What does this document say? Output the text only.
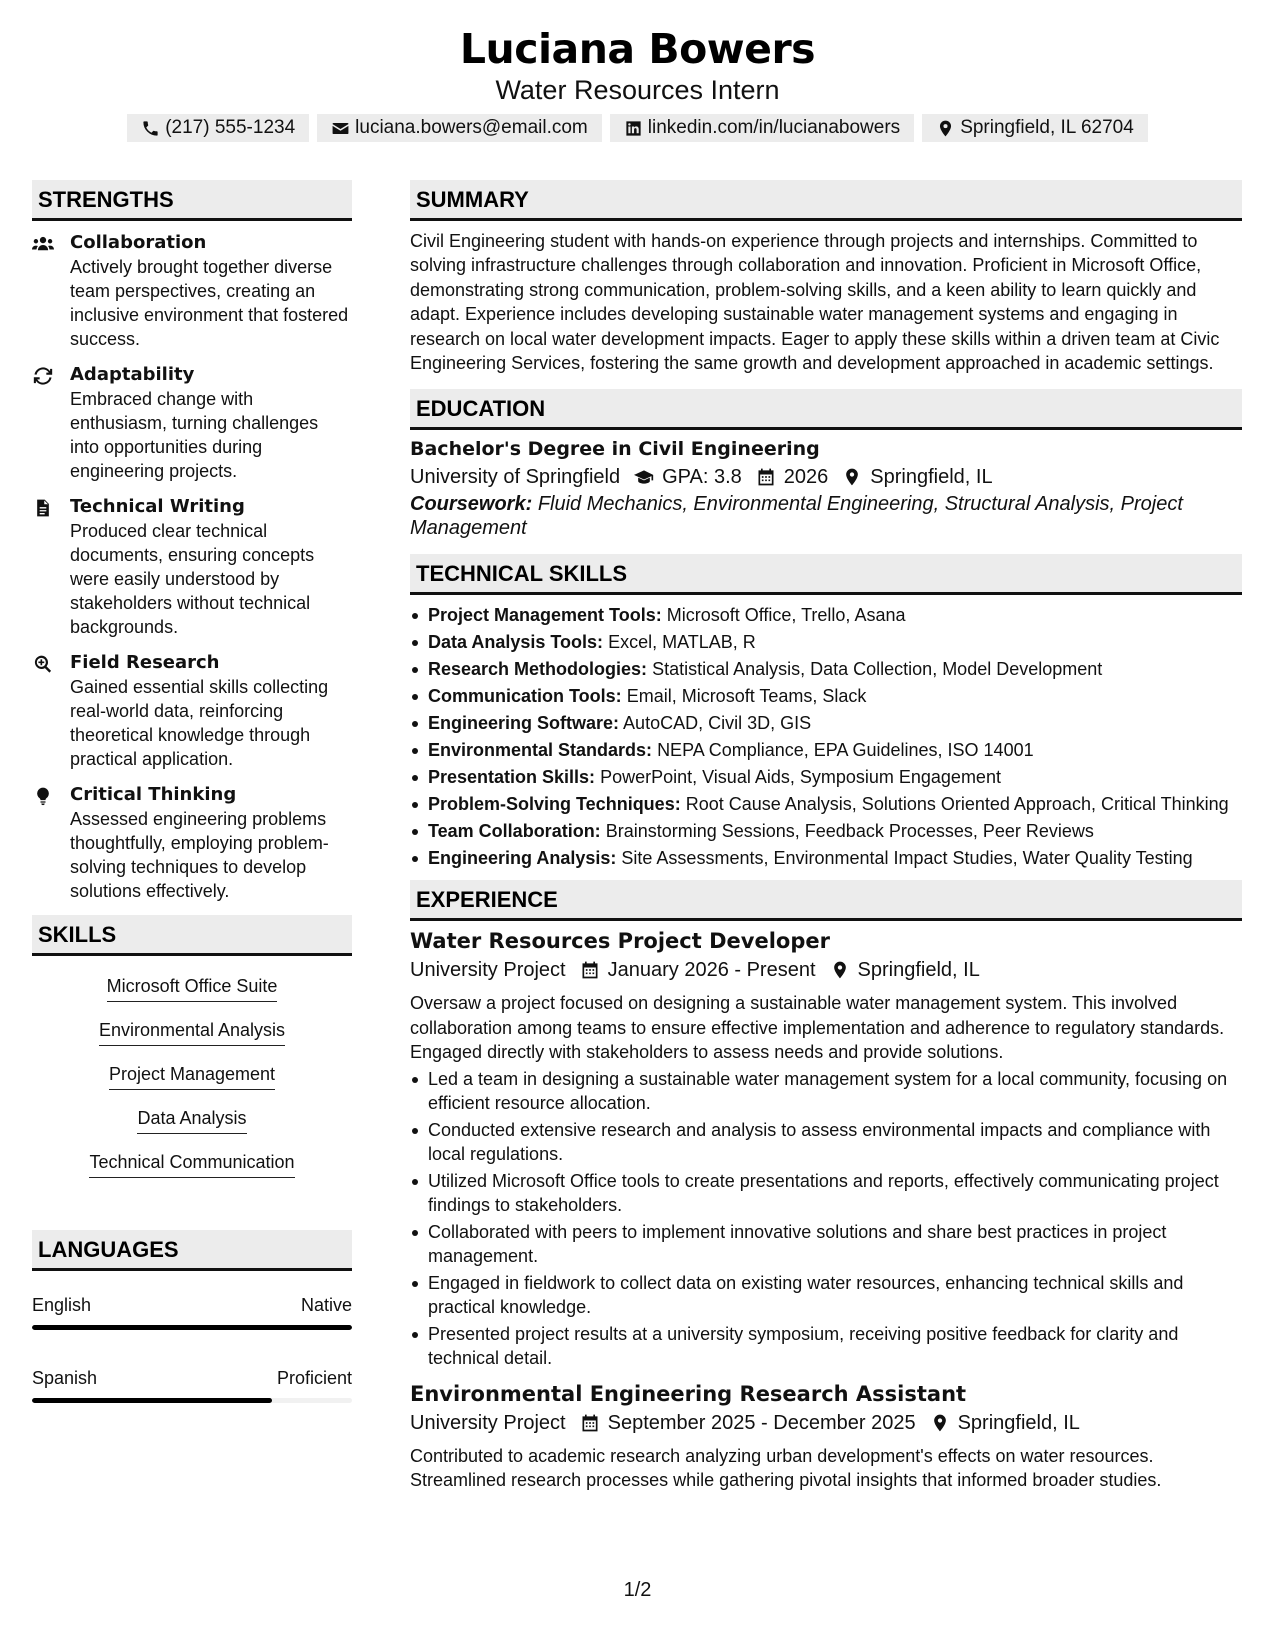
Luciana Bowers
Water Resources Intern
(217) 555-1234	luciana.bowers@email.com	linkedin.com/in/lucianabowers	Springfield, IL 62704
STRENGTHS
Collaboration
Actively brought together diverse team perspectives, creating an inclusive environment that fostered success.
Adaptability
Embraced change with enthusiasm, turning challenges into opportunities during engineering projects.
Technical Writing
Produced clear technical documents, ensuring concepts were easily understood by stakeholders without technical backgrounds.
Field Research
Gained essential skills collecting real-world data, reinforcing theoretical knowledge through practical application.
Critical Thinking
Assessed engineering problems thoughtfully, employing problem-solving techniques to develop solutions effectively.
SKILLS
Microsoft Office Suite
Environmental Analysis
Project Management
Data Analysis
Technical Communication
LANGUAGES
English	Native
Spanish	Proficient
SUMMARY
Civil Engineering student with hands-on experience through projects and internships. Committed to solving infrastructure challenges through collaboration and innovation. Proficient in Microsoft Office, demonstrating strong communication, problem-solving skills, and a keen ability to learn quickly and adapt. Experience includes developing sustainable water management systems and engaging in research on local water development impacts. Eager to apply these skills within a driven team at Civic Engineering Services, fostering the same growth and development approached in academic settings.
EDUCATION
Bachelor's Degree in Civil Engineering
University of Springfield GPA: 3.8 2026 Springfield, IL
Coursework: Fluid Mechanics, Environmental Engineering, Structural Analysis, Project Management
TECHNICAL SKILLS
Project Management Tools: Microsoft Office, Trello, Asana
Data Analysis Tools: Excel, MATLAB, R
Research Methodologies: Statistical Analysis, Data Collection, Model Development
Communication Tools: Email, Microsoft Teams, Slack
Engineering Software: AutoCAD, Civil 3D, GIS
Environmental Standards: NEPA Compliance, EPA Guidelines, ISO 14001
Presentation Skills: PowerPoint, Visual Aids, Symposium Engagement
Problem-Solving Techniques: Root Cause Analysis, Solutions Oriented Approach, Critical Thinking
Team Collaboration: Brainstorming Sessions, Feedback Processes, Peer Reviews
Engineering Analysis: Site Assessments, Environmental Impact Studies, Water Quality Testing
EXPERIENCE
Water Resources Project Developer
University Project January 2026 - Present Springfield, IL
Oversaw a project focused on designing a sustainable water management system. This involved collaboration among teams to ensure effective implementation and adherence to regulatory standards. Engaged directly with stakeholders to assess needs and provide solutions.
Led a team in designing a sustainable water management system for a local community, focusing on efficient resource allocation.
Conducted extensive research and analysis to assess environmental impacts and compliance with local regulations.
Utilized Microsoft Office tools to create presentations and reports, effectively communicating project findings to stakeholders.
Collaborated with peers to implement innovative solutions and share best practices in project management.
Engaged in fieldwork to collect data on existing water resources, enhancing technical skills and practical knowledge.
Presented project results at a university symposium, receiving positive feedback for clarity and technical detail.
Environmental Engineering Research Assistant
University Project September 2025 - December 2025 Springfield, IL
Contributed to academic research analyzing urban development's effects on water resources. Streamlined research processes while gathering pivotal insights that informed broader studies.
1/2
